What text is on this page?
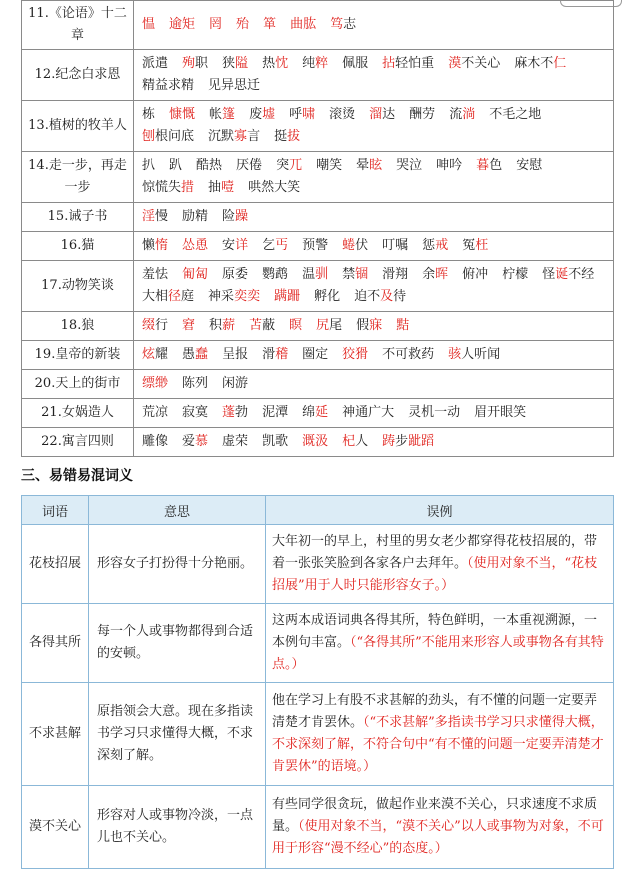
11.《论语》十二章	愠 逾矩 罔 殆 箪 曲肱 笃志
12.纪念白求恩	派遣 殉职 狭隘 热忱 纯粹 佩服 拈轻怕重 漠不关心 麻木不仁精益求精 见异思迁
13.植树的牧羊人	栋 慷慨 帐篷 废墟 呼啸 滚烫 溜达 酬劳 流淌 不毛之地刨根问底 沉默寡言 挺拔
14.走一步，再走一步	扒 趴 酷热 厌倦 突兀 嘲笑 晕眩 哭泣 呻吟 暮色 安慰惊慌失措 抽噎 哄然大笑
15.诫子书	淫慢 励精 险躁
16.猫	懒惰 怂恿 安详 乞丐 预警 蜷伏 叮嘱 惩戒 冤枉
17.动物笑谈	羞怯 匍匐 原委 鹦鹉 温驯 禁锢 滑翔 余晖 俯冲 柠檬 怪诞不经大相径庭 神采奕奕 蹒跚 孵化 迫不及待
18.狼	缀行 窘 积薪 苫蔽 瞑 尻尾 假寐 黠
19.皇帝的新装	炫耀 愚蠢 呈报 滑稽 圈定 狡猾 不可救药 骇人听闻
20.天上的街市	缥缈 陈列 闲游
21.女娲造人	荒凉 寂寞 蓬勃 泥潭 绵延 神通广大 灵机一动 眉开眼笑
22.寓言四则	雕像 爱慕 虚荣 凯歌 溉汲 杞人 踌步跐蹈
三、易错易混词义
词语	意思	误例
花枝招展	形容女子打扮得十分艳丽。	大年初一的早上，村里的男女老少都穿得花枝招展的，带着一张张笑脸到各家各户去拜年。（使用对象不当，“花枝招展”用于人时只能形容女子。）
各得其所	每一个人或事物都得到合适的安顿。	这两本成语词典各得其所，特色鲜明，一本重视溯源，一本例句丰富。（“各得其所”不能用来形容人或事物各有其特点。）
不求甚解	原指领会大意。现在多指读书学习只求懂得大概，不求深刻了解。	他在学习上有股不求甚解的劲头，有不懂的问题一定要弄清楚才肯罢休。（“不求甚解”多指读书学习只求懂得大概，不求深刻了解，不符合句中“有不懂的问题一定要弄清楚才肯罢休”的语境。）
漠不关心	形容对人或事物冷淡，一点儿也不关心。	有些同学很贪玩，做起作业来漠不关心，只求速度不求质量。（使用对象不当，“漠不关心”以人或事物为对象，不可用于形容“漫不经心”的态度。）
